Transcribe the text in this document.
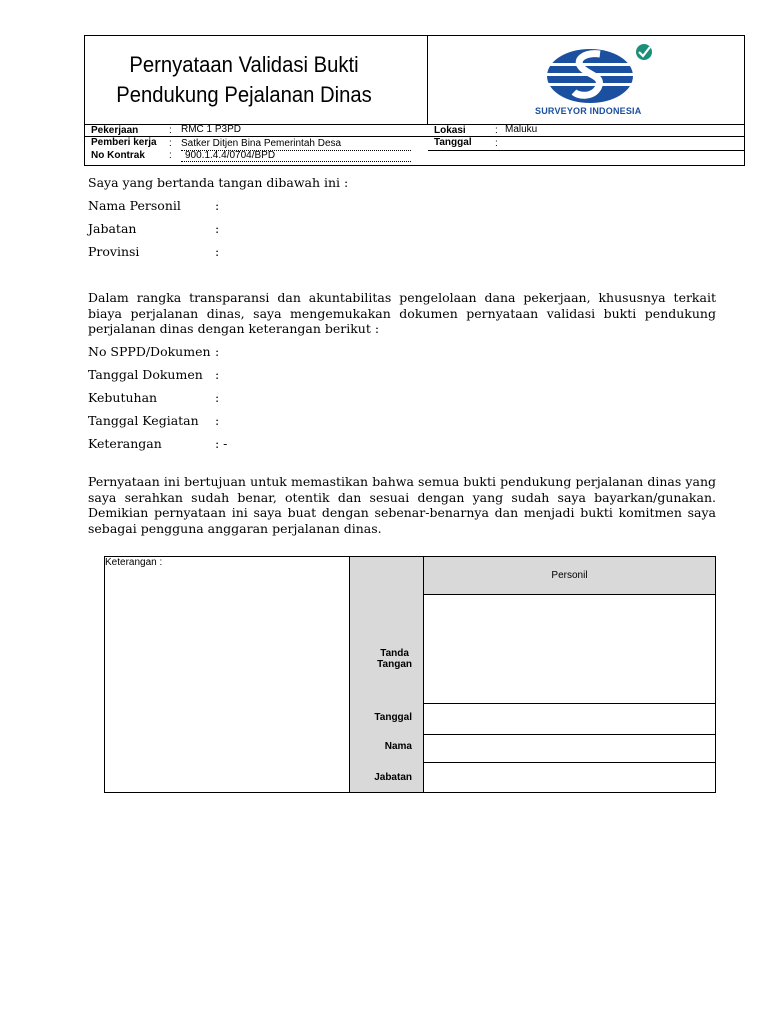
Pernyataan Validasi Bukti
Pendukung Pejalanan Dinas
SURVEYOR INDONESIA
Pekerjaan	: RMC 1 P3PD
Pemberi kerja : Satker Ditjen Bina Pemerintah Desa
No Kontrak :	900.1.4.4/0704/BPD
Lokasi	: Maluku
Tanggal :
Saya yang bertanda tangan dibawah ini :
Nama Personil	:
Jabatan	:
Provinsi	:
Dalam rangka transparansi dan akuntabilitas pengelolaan dana pekerjaan, khususnya terkait biaya perjalanan dinas, saya mengemukakan dokumen pernyataan validasi bukti pendukung perjalanan dinas dengan keterangan berikut :
No SPPD/Dokumen :
Tanggal Dokumen :
Kebutuhan	:
Tanggal Kegiatan :
Keterangan	: -
Pernyataan ini bertujuan untuk memastikan bahwa semua bukti pendukung perjalanan dinas yang saya serahkan sudah benar, otentik dan sesuai dengan yang sudah saya bayarkan/gunakan. Demikian pernyataan ini saya buat dengan sebenar-benarnya dan menjadi bukti komitmen saya sebagai pengguna anggaran perjalanan dinas.
Keterangan :
Personil
Tanda
Tangan
Tanggal
Nama
Jabatan
